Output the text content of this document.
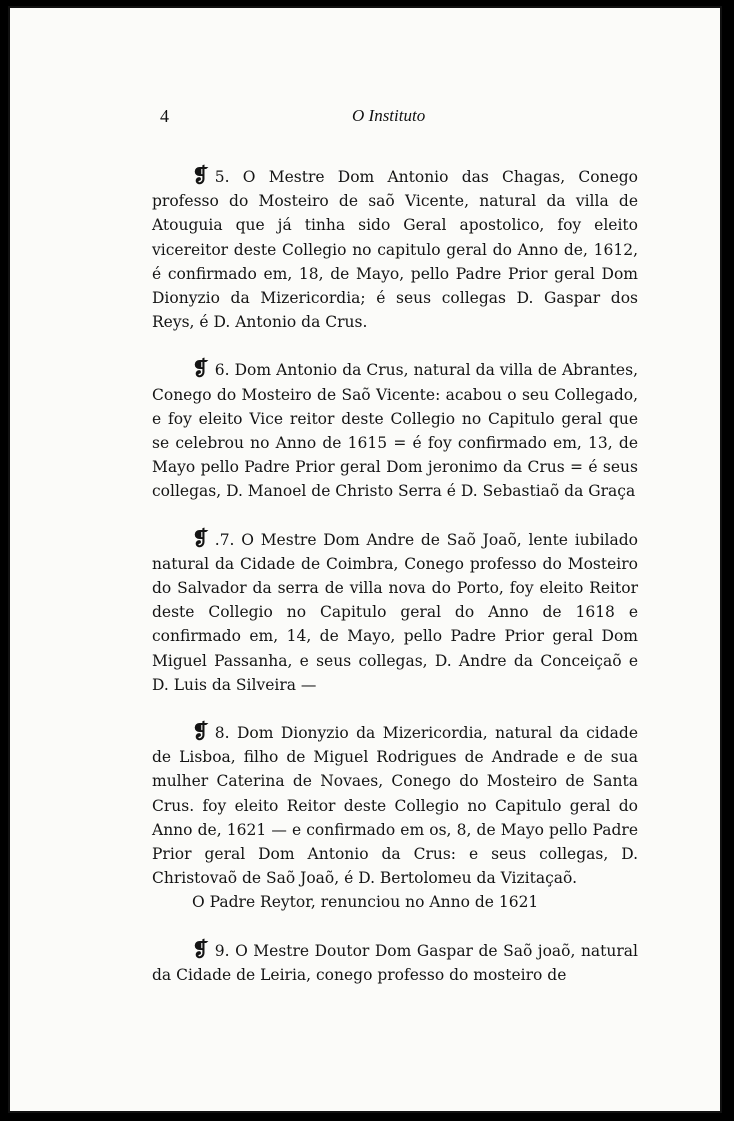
4	O Instituto

❡ 5. O Mestre Dom Antonio das Chagas, Conego professo do Mosteiro de saõ Vicente, natural da villa de Atouguia que já tinha sido Geral apostolico, foy eleito vicereitor deste Collegio no capitulo geral do Anno de, 1612, é confirmado em, 18, de Mayo, pello Padre Prior geral Dom Dionyzio da Mizericordia; é seus collegas D. Gaspar dos Reys, é D. Antonio da Crus.

❡ 6. Dom Antonio da Crus, natural da villa de Abrantes, Conego do Mosteiro de Saõ Vicente: acabou o seu Collegado, e foy eleito Vice reitor deste Collegio no Capitulo geral que se celebrou no Anno de 1615 = é foy confirmado em, 13, de Mayo pello Padre Prior geral Dom jeronimo da Crus = é seus collegas, D. Manoel de Christo Serra é D. Sebastiaõ da Graça

❡ .7. O Mestre Dom Andre de Saõ Joaõ, lente iubilado natural da Cidade de Coimbra, Conego professo do Mosteiro do Salvador da serra de villa nova do Porto, foy eleito Reitor deste Collegio no Capitulo geral do Anno de 1618 e confirmado em, 14, de Mayo, pello Padre Prior geral Dom Miguel Passanha, e seus collegas, D. Andre da Conceiçaõ e D. Luis da Silveira —

❡ 8. Dom Dionyzio da Mizericordia, natural da cidade de Lisboa, filho de Miguel Rodrigues de Andrade e de sua mulher Caterina de Novaes, Conego do Mosteiro de Santa Crus. foy eleito Reitor deste Collegio no Capitulo geral do Anno de, 1621 — e confirmado em os, 8, de Mayo pello Padre Prior geral Dom Antonio da Crus: e seus collegas, D. Christovaõ de Saõ Joaõ, é D. Bertolomeu da Vizitaçaõ.

O Padre Reytor, renunciou no Anno de 1621

❡ 9. O Mestre Doutor Dom Gaspar de Saõ joaõ, natural da Cidade de Leiria, conego professo do mosteiro de
